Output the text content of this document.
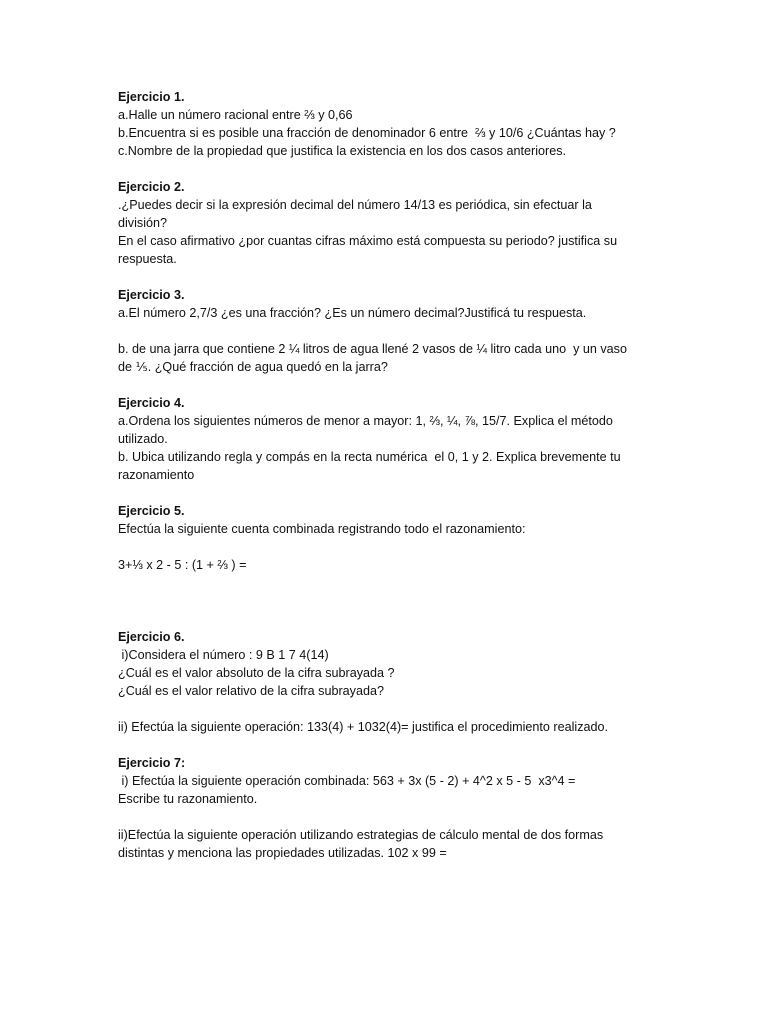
Ejercicio 1.

a.Halle un número racional entre ⅔ y 0,66

b.Encuentra si es posible una fracción de denominador 6 entre  ⅔ y 10/6 ¿Cuántas hay ?

c.Nombre de la propiedad que justifica la existencia en los dos casos anteriores.

Ejercicio 2.

.¿Puedes decir si la expresión decimal del número 14/13 es periódica, sin efectuar la

división?

En el caso afirmativo ¿por cuantas cifras máximo está compuesta su periodo? justifica su

respuesta.

Ejercicio 3.

a.El número 2,7/3 ¿es una fracción? ¿Es un número decimal?Justificá tu respuesta.

b. de una jarra que contiene 2 ¼ litros de agua llené 2 vasos de ¼ litro cada uno  y un vaso

de ⅕. ¿Qué fracción de agua quedó en la jarra?

Ejercicio 4.

a.Ordena los siguientes números de menor a mayor: 1, ⅔, ¼, ⅞, 15/7. Explica el método

utilizado.

b. Ubica utilizando regla y compás en la recta numérica  el 0, 1 y 2. Explica brevemente tu

razonamiento

Ejercicio 5.

Efectúa la siguiente cuenta combinada registrando todo el razonamiento:

3+⅓ x 2 - 5 : (1 + ⅔ ) =

Ejercicio 6.

i)Considera el número : 9 B 1 7 4(14)

¿Cuál es el valor absoluto de la cifra subrayada ?

¿Cuál es el valor relativo de la cifra subrayada?

ii) Efectúa la siguiente operación: 133(4) + 1032(4)= justifica el procedimiento realizado.

Ejercicio 7:

i) Efectúa la siguiente operación combinada: 563 + 3x (5 - 2) + 4^2 x 5 - 5  x3^4 =

Escribe tu razonamiento.

ii)Efectúa la siguiente operación utilizando estrategias de cálculo mental de dos formas

distintas y menciona las propiedades utilizadas. 102 x 99 =
